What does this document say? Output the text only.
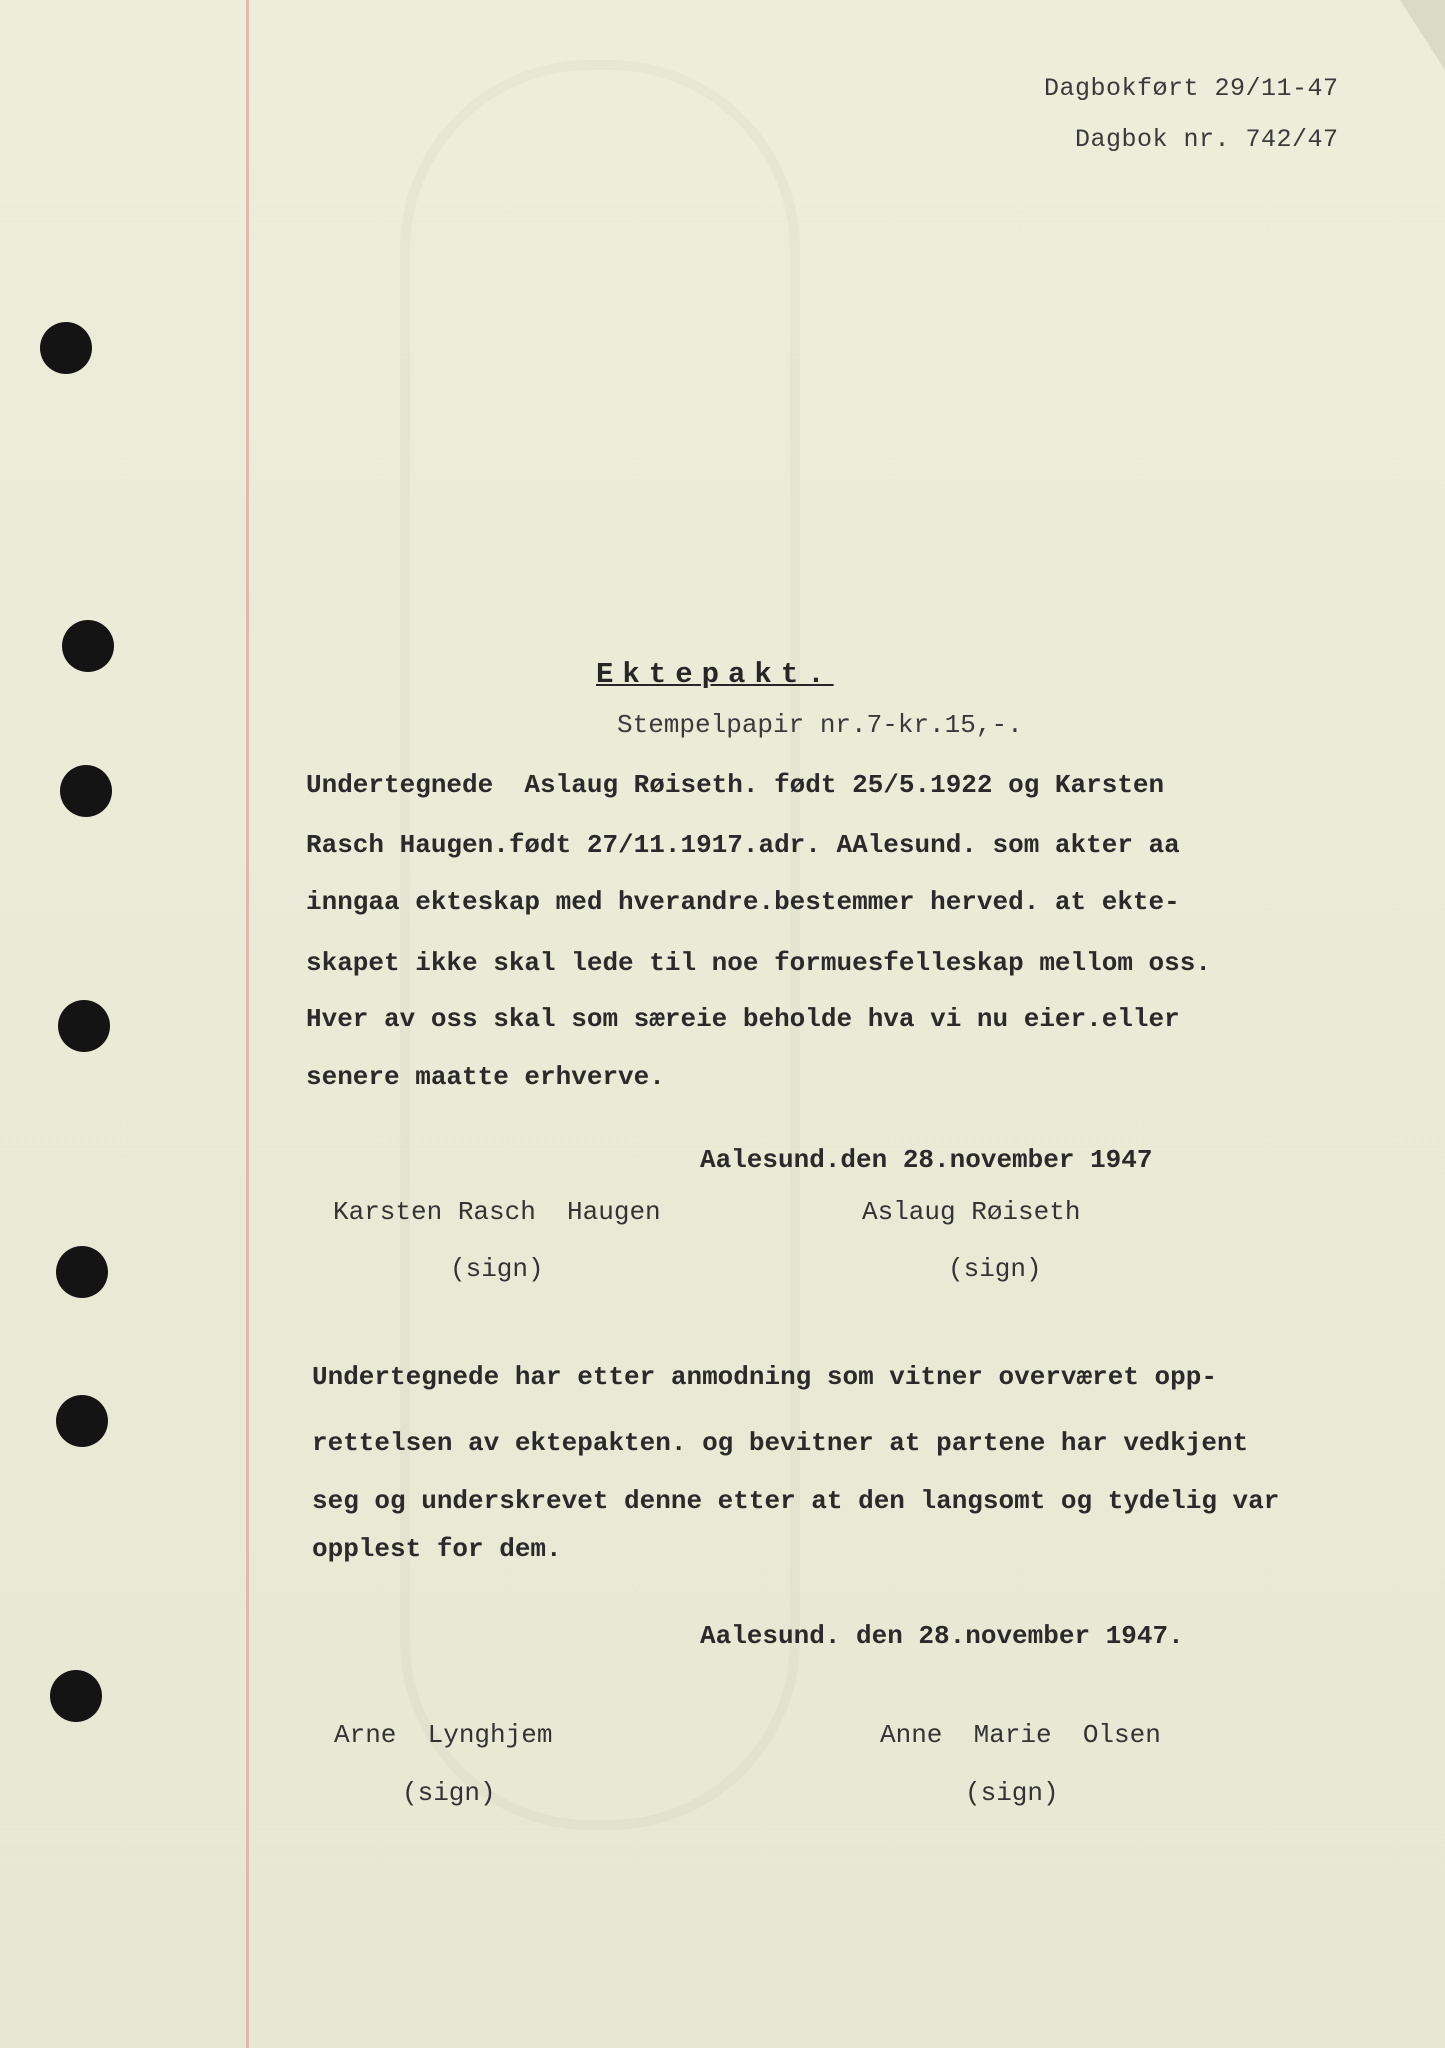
Dagbokført 29/11-47
Dagbok nr. 742/47
Ektepakt.
Stempelpapir nr.7-kr.15,-.
Undertegnede  Aslaug Røiseth. født 25/5.1922 og Karsten
Rasch Haugen.født 27/11.1917.adr. AAlesund. som akter aa
inngaa ekteskap med hverandre.bestemmer herved. at ekte-
skapet ikke skal lede til noe formuesfelleskap mellom oss.
Hver av oss skal som særeie beholde hva vi nu eier.eller
senere maatte erhverve.
Aalesund.den 28.november 1947
Karsten Rasch  Haugen
(sign)
Aslaug Røiseth
(sign)
Undertegnede har etter anmodning som vitner overværet opp-
rettelsen av ektepakten. og bevitner at partene har vedkjent
seg og underskrevet denne etter at den langsomt og tydelig var
opplest for dem.
Aalesund. den 28.november 1947.
Arne  Lynghjem
(sign)
Anne  Marie  Olsen
(sign)
